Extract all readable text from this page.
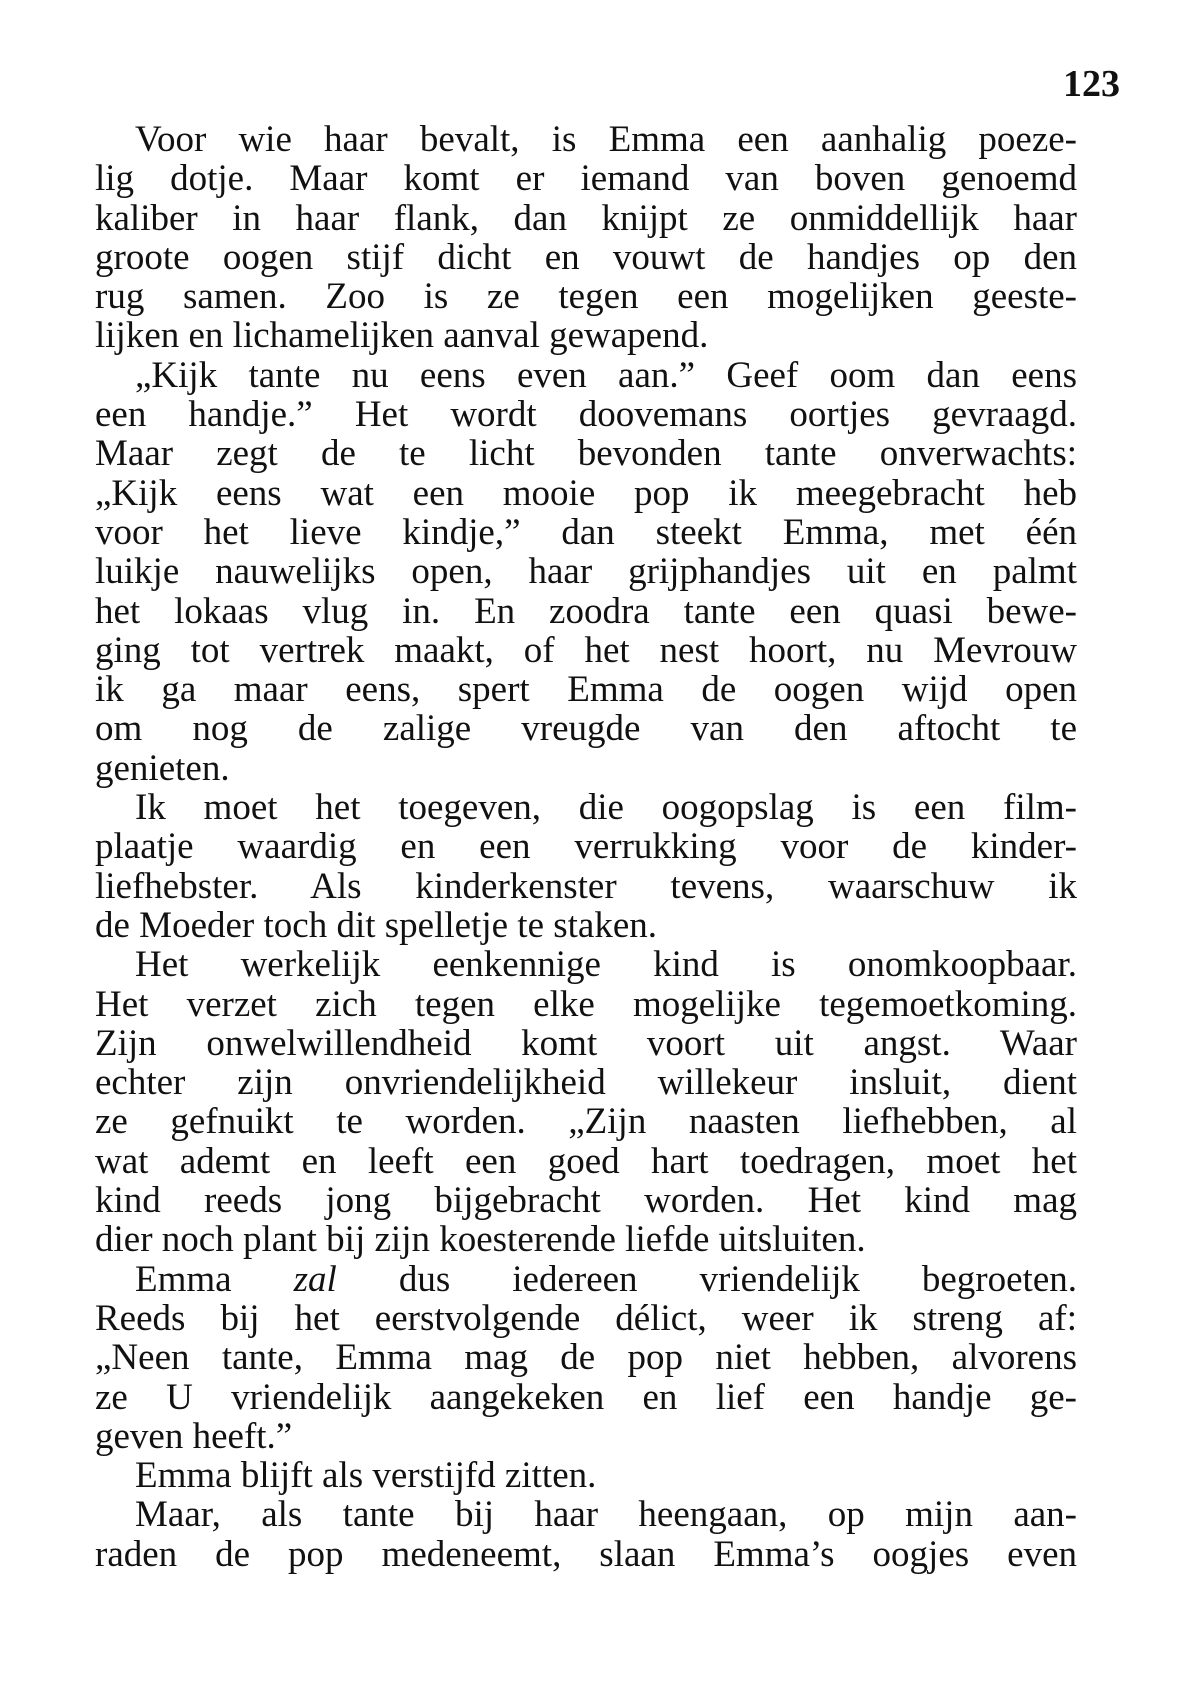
123
Voor wie haar bevalt, is Emma een aanhalig poeze-
lig dotje. Maar komt er iemand van boven genoemd
kaliber in haar flank, dan knijpt ze onmiddellijk haar
groote oogen stijf dicht en vouwt de handjes op den
rug samen. Zoo is ze tegen een mogelijken geeste-
lijken en lichamelijken aanval gewapend.
„Kijk tante nu eens even aan.” Geef oom dan eens
een handje.” Het wordt doovemans oortjes gevraagd.
Maar zegt de te licht bevonden tante onverwachts:
„Kijk eens wat een mooie pop ik meegebracht heb
voor het lieve kindje,” dan steekt Emma, met één
luikje nauwelijks open, haar grijphandjes uit en palmt
het lokaas vlug in. En zoodra tante een quasi bewe-
ging tot vertrek maakt, of het nest hoort, nu Mevrouw
ik ga maar eens, spert Emma de oogen wijd open
om nog de zalige vreugde van den aftocht te
genieten.
Ik moet het toegeven, die oogopslag is een film-
plaatje waardig en een verrukking voor de kinder-
liefhebster. Als kinderkenster tevens, waarschuw ik
de Moeder toch dit spelletje te staken.
Het werkelijk eenkennige kind is onomkoopbaar.
Het verzet zich tegen elke mogelijke tegemoetkoming.
Zijn onwelwillendheid komt voort uit angst. Waar
echter zijn onvriendelijkheid willekeur insluit, dient
ze gefnuikt te worden. „Zijn naasten liefhebben, al
wat ademt en leeft een goed hart toedragen, moet het
kind reeds jong bijgebracht worden. Het kind mag
dier noch plant bij zijn koesterende liefde uitsluiten.
Emma zal dus iedereen vriendelijk begroeten.
Reeds bij het eerstvolgende délict, weer ik streng af:
„Neen tante, Emma mag de pop niet hebben, alvorens
ze U vriendelijk aangekeken en lief een handje ge-
geven heeft.”
Emma blijft als verstijfd zitten.
Maar, als tante bij haar heengaan, op mijn aan-
raden de pop medeneemt, slaan Emma’s oogjes even
